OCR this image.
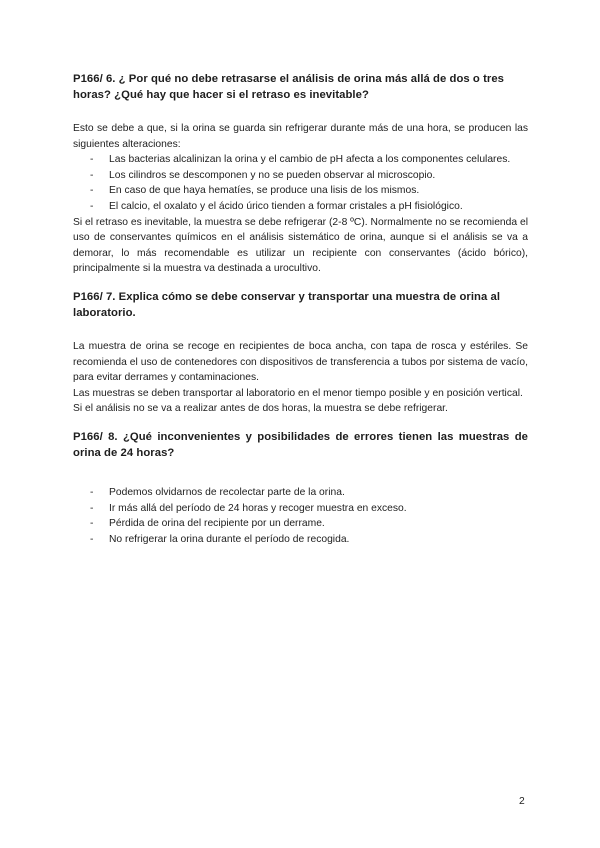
P166/ 6. ¿ Por qué no debe retrasarse el análisis de orina más allá de dos o tres horas? ¿Qué hay que hacer si el retraso es inevitable?

Esto se debe a que, si la orina se guarda sin refrigerar durante más de una hora, se producen las siguientes alteraciones:

- Las bacterias alcalinizan la orina y el cambio de pH afecta a los componentes celulares.
- Los cilindros se descomponen y no se pueden observar al microscopio.
- En caso de que haya hematíes, se produce una lisis de los mismos.
- El calcio, el oxalato y el ácido úrico tienden a formar cristales a pH fisiológico.

Si el retraso es inevitable, la muestra se debe refrigerar (2-8 ºC). Normalmente no se recomienda el uso de conservantes químicos en el análisis sistemático de orina, aunque si el análisis se va a demorar, lo más recomendable es utilizar un recipiente con conservantes (ácido bórico), principalmente si la muestra va destinada a urocultivo.

P166/ 7. Explica cómo se debe conservar y transportar una muestra de orina al laboratorio.

La muestra de orina se recoge en recipientes de boca ancha, con tapa de rosca y estériles. Se recomienda el uso de contenedores con dispositivos de transferencia a tubos por sistema de vacío, para evitar derrames y contaminaciones.

Las muestras se deben transportar al laboratorio en el menor tiempo posible y en posición vertical.

Si el análisis no se va a realizar antes de dos horas, la muestra se debe refrigerar.

P166/ 8. ¿Qué inconvenientes y posibilidades de errores tienen las muestras de orina de 24 horas?
- Podemos olvidarnos de recolectar parte de la orina.
- Ir más allá del período de 24 horas y recoger muestra en exceso.
- Pérdida de orina del recipiente por un derrame.
- No refrigerar la orina durante el período de recogida.
2
